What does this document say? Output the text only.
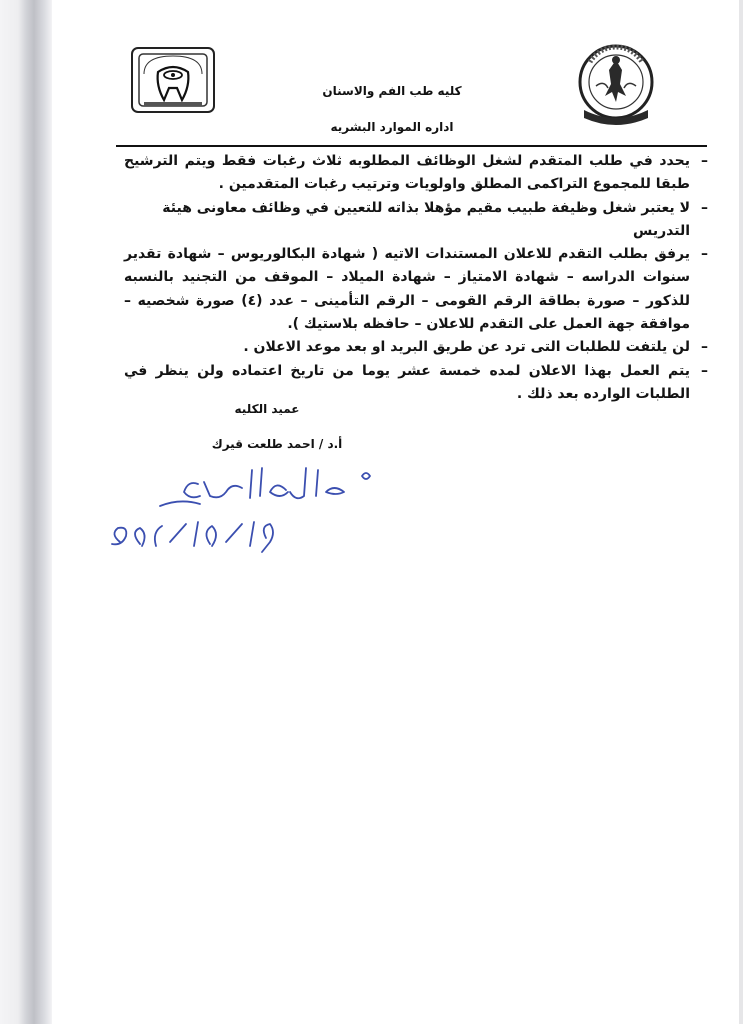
كليه طب الفم والاسنان
اداره الموارد البشريه

–
يحدد في طلب المتقدم لشغل الوظائف المطلوبه ثلاث رغبات فقط ويتم الترشيح طبقا للمجموع التراكمى المطلق واولويات وترتيب رغبات المتقدمين .

–
لا يعتبر شغل وظيفة طبيب مقيم مؤهلا بذاته للتعيين في وظائف معاونى هيئة التدريس

–
يرفق بطلب التقدم للاعلان المستندات الاتيه ( شهادة البكالوريوس – شهادة تقدير سنوات الدراسه – شهادة الامتياز – شهادة الميلاد – الموقف من التجنيد بالنسبه للذكور – صورة بطاقة الرقم القومى – الرقم التأمينى – عدد (٤) صورة شخصيه – موافقة جهة العمل على التقدم للاعلان – حافظه بلاستيك ).

–
لن يلتفت للطلبات التى ترد عن طريق البريد او بعد موعد الاعلان .

–
يتم العمل بهذا الاعلان لمده خمسة عشر يوما من تاريخ اعتماده ولن ينظر في الطلبات الوارده بعد ذلك .

عميد الكليه
أ.د / احمد طلعت قيرك
